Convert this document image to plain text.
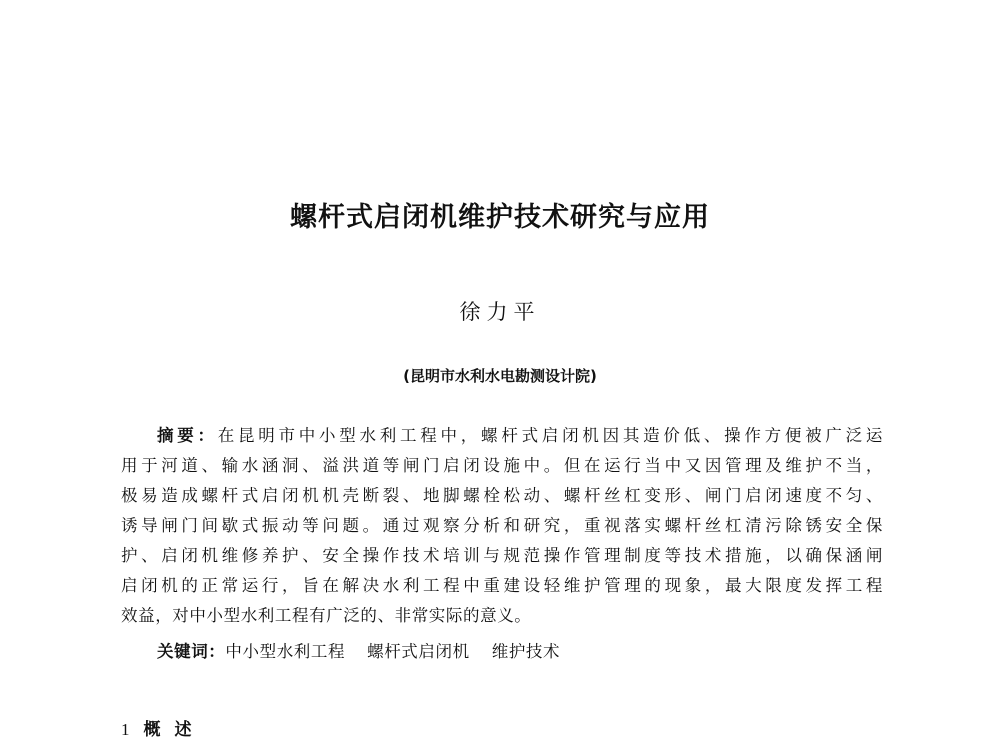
螺杆式启闭机维护技术研究与应用
徐力平
(昆明市水利水电勘测设计院)
摘要：在昆明市中小型水利工程中，螺杆式启闭机因其造价低、操作方便被广泛运
用于河道、输水涵洞、溢洪道等闸门启闭设施中。但在运行当中又因管理及维护不当，
极易造成螺杆式启闭机机壳断裂、地脚螺栓松动、螺杆丝杠变形、闸门启闭速度不匀、
诱导闸门间歇式振动等问题。通过观察分析和研究，重视落实螺杆丝杠清污除锈安全保
护、启闭机维修养护、安全操作技术培训与规范操作管理制度等技术措施，以确保涵闸
启闭机的正常运行，旨在解决水利工程中重建设轻维护管理的现象，最大限度发挥工程
效益，对中小型水利工程有广泛的、非常实际的意义。
关键词：中小型水利工程 螺杆式启闭机 维护技术
1 概述
